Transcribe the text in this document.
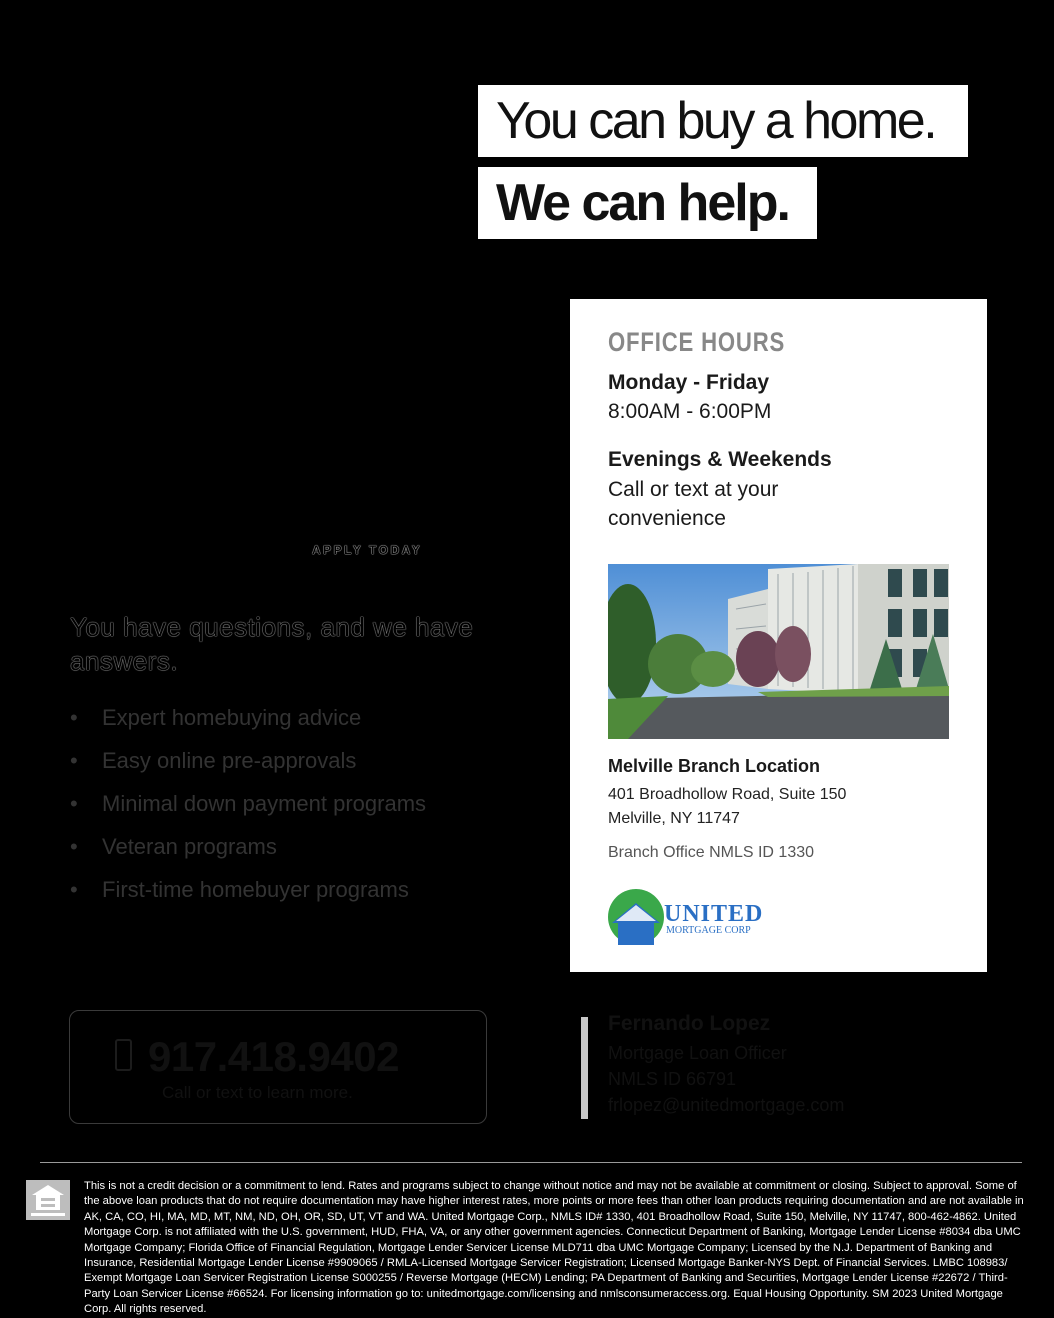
You can buy a home.
We can help.
APPLY TODAY
You have questions, and we have answers.
• Expert homebuying advice
• Easy online pre-approvals
• Minimal down payment programs
• Veteran programs
• First-time homebuyer programs
OFFICE HOURS
Monday - Friday
8:00AM - 6:00PM
Evenings & Weekends
Call or text at your
convenience
Melville Branch Location
401 Broadhollow Road, Suite 150
Melville, NY 11747
Branch Office NMLS ID 1330
UNITED
MORTGAGE CORP
917.418.9402
Call or text to learn more.
Fernando Lopez
Mortgage Loan Officer
NMLS ID 66791
frlopez@unitedmortgage.com
This is not a credit decision or a commitment to lend. Rates and programs subject to change without notice and may not be available at commitment or closing. Subject to approval. Some of the above loan products that do not require documentation may have higher interest rates, more points or more fees than other loan products requiring documentation and are not available in AK, CA, CO, HI, MA, MD, MT, NM, ND, OH, OR, SD, UT, VT and WA. United Mortgage Corp., NMLS ID# 1330, 401 Broadhollow Road, Suite 150, Melville, NY 11747, 800-462-4862. United Mortgage Corp. is not affiliated with the U.S. government, HUD, FHA, VA, or any other government agencies. Connecticut Department of Banking, Mortgage Lender License #8034 dba UMC Mortgage Company; Florida Office of Financial Regulation, Mortgage Lender Servicer License MLD711 dba UMC Mortgage Company; Licensed by the N.J. Department of Banking and Insurance, Residential Mortgage Lender License #9909065 / RMLA-Licensed Mortgage Servicer Registration; Licensed Mortgage Banker-NYS Dept. of Financial Services. LMBC 108983/ Exempt Mortgage Loan Servicer Registration License S000255 / Reverse Mortgage (HECM) Lending; PA Department of Banking and Securities, Mortgage Lender License #22672 / Third-Party Loan Servicer License #66524. For licensing information go to: unitedmortgage.com/licensing and nmlsconsumeraccess.org. Equal Housing Opportunity. SM 2023 United Mortgage Corp. All rights reserved.
